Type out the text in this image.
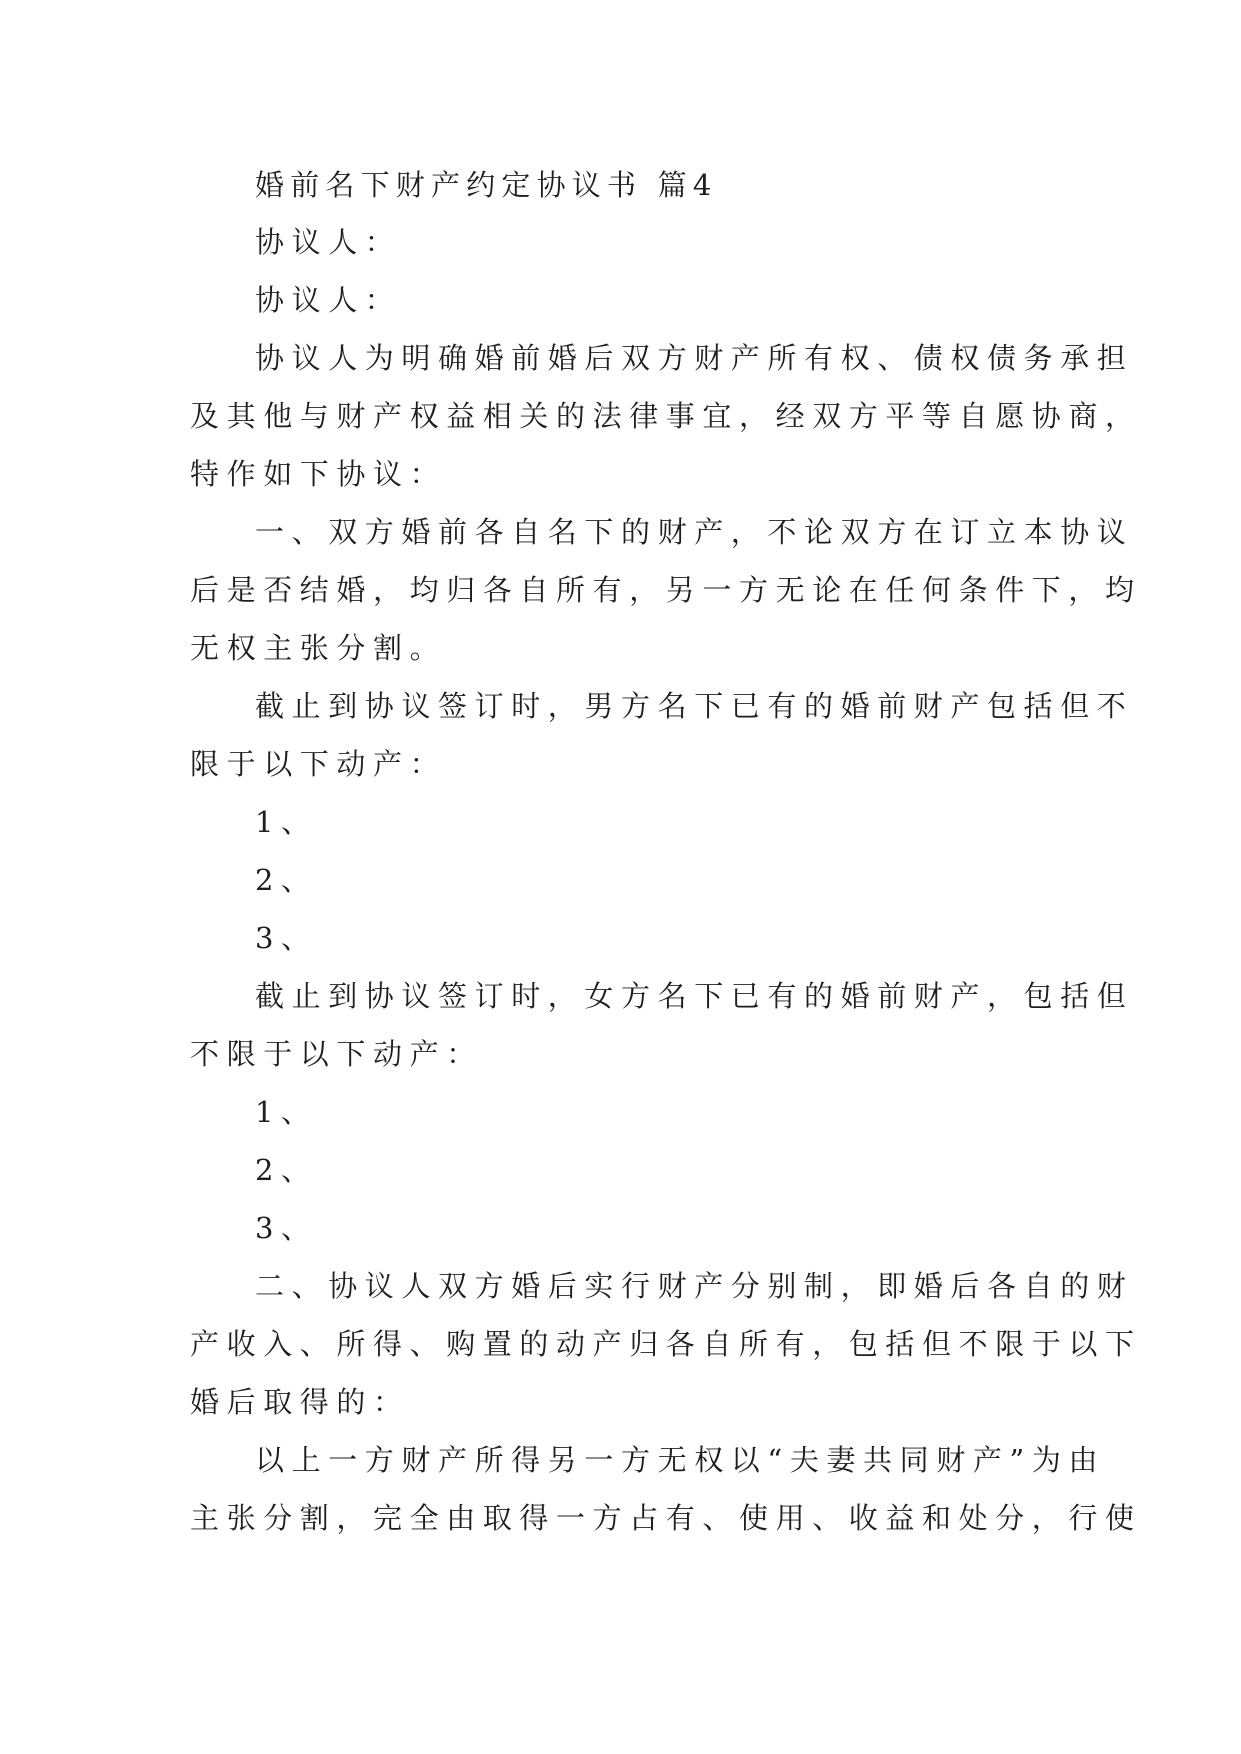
婚前名下财产约定协议书 篇4
协议人：
协议人：
协议人为明确婚前婚后双方财产所有权、债权债务承担
及其他与财产权益相关的法律事宜，经双方平等自愿协商，
特作如下协议：
一、双方婚前各自名下的财产，不论双方在订立本协议
后是否结婚，均归各自所有，另一方无论在任何条件下，均
无权主张分割。
截止到协议签订时，男方名下已有的婚前财产包括但不
限于以下动产：
1、
2、
3、
截止到协议签订时，女方名下已有的婚前财产，包括但
不限于以下动产：
1、
2、
3、
二、协议人双方婚后实行财产分别制，即婚后各自的财
产收入、所得、购置的动产归各自所有，包括但不限于以下
婚后取得的：
以上一方财产所得另一方无权以“夫妻共同财产”为由
主张分割，完全由取得一方占有、使用、收益和处分，行使
